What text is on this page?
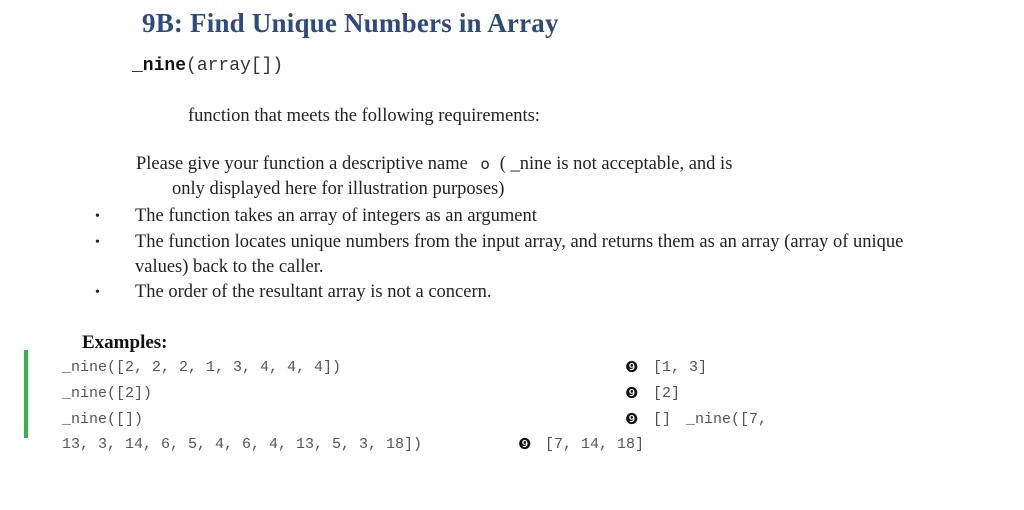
9B: Find Unique Numbers in Array
_nine(array[])
function that meets the following requirements:
Please give your function a descriptive name o ( _nine is not acceptable, and is
only displayed here for illustration purposes)
• The function takes an array of integers as an argument
• The function locates unique numbers from the input array, and returns them as an array (array of unique
values) back to the caller.
• The order of the resultant array is not a concern.
Examples:
_nine([2, 2, 2, 1, 3, 4, 4, 4])	❾ [1, 3]
_nine([2])	❾ [2]
_nine([])	❾ [] _nine([7,
13, 3, 14, 6, 5, 4, 6, 4, 13, 5, 3, 18])	❾ [7, 14, 18]
